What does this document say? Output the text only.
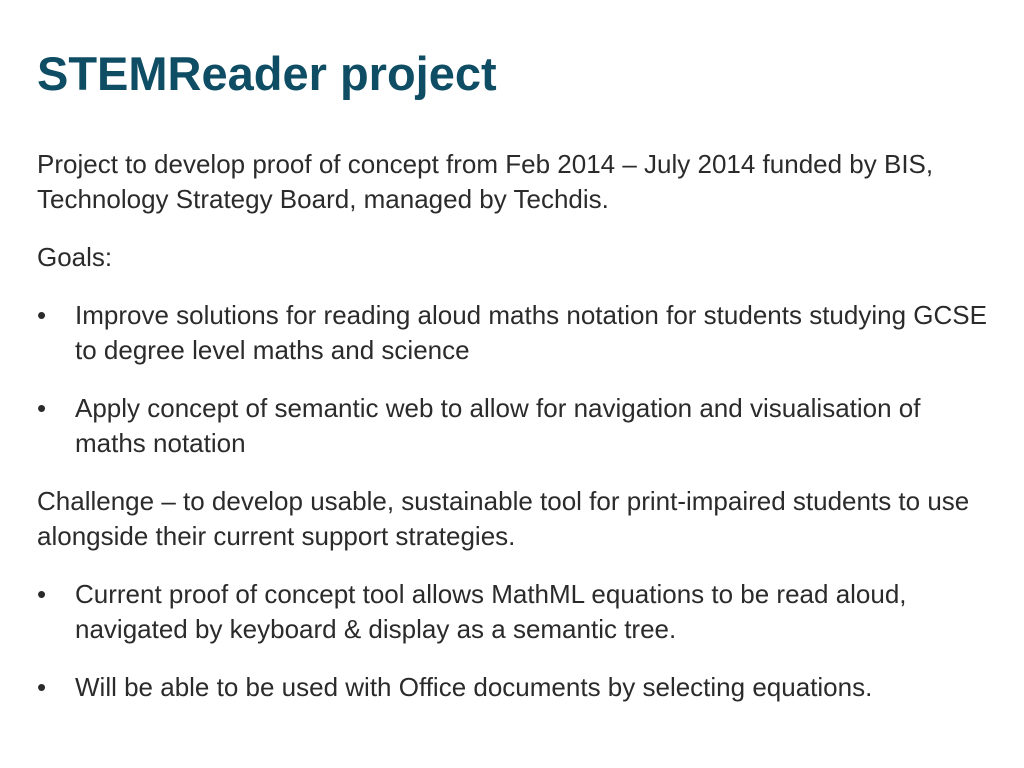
STEMReader project

Project to develop proof of concept from Feb 2014 – July 2014 funded by BIS, Technology Strategy Board, managed by Techdis.

Goals:

• Improve solutions for reading aloud maths notation for students studying GCSE to degree level maths and science
• Apply concept of semantic web to allow for navigation and visualisation of maths notation

Challenge – to develop usable, sustainable tool for print-impaired students to use alongside their current support strategies.

• Current proof of concept tool allows MathML equations to be read aloud, navigated by keyboard & display as a semantic tree.
• Will be able to be used with Office documents by selecting equations.
